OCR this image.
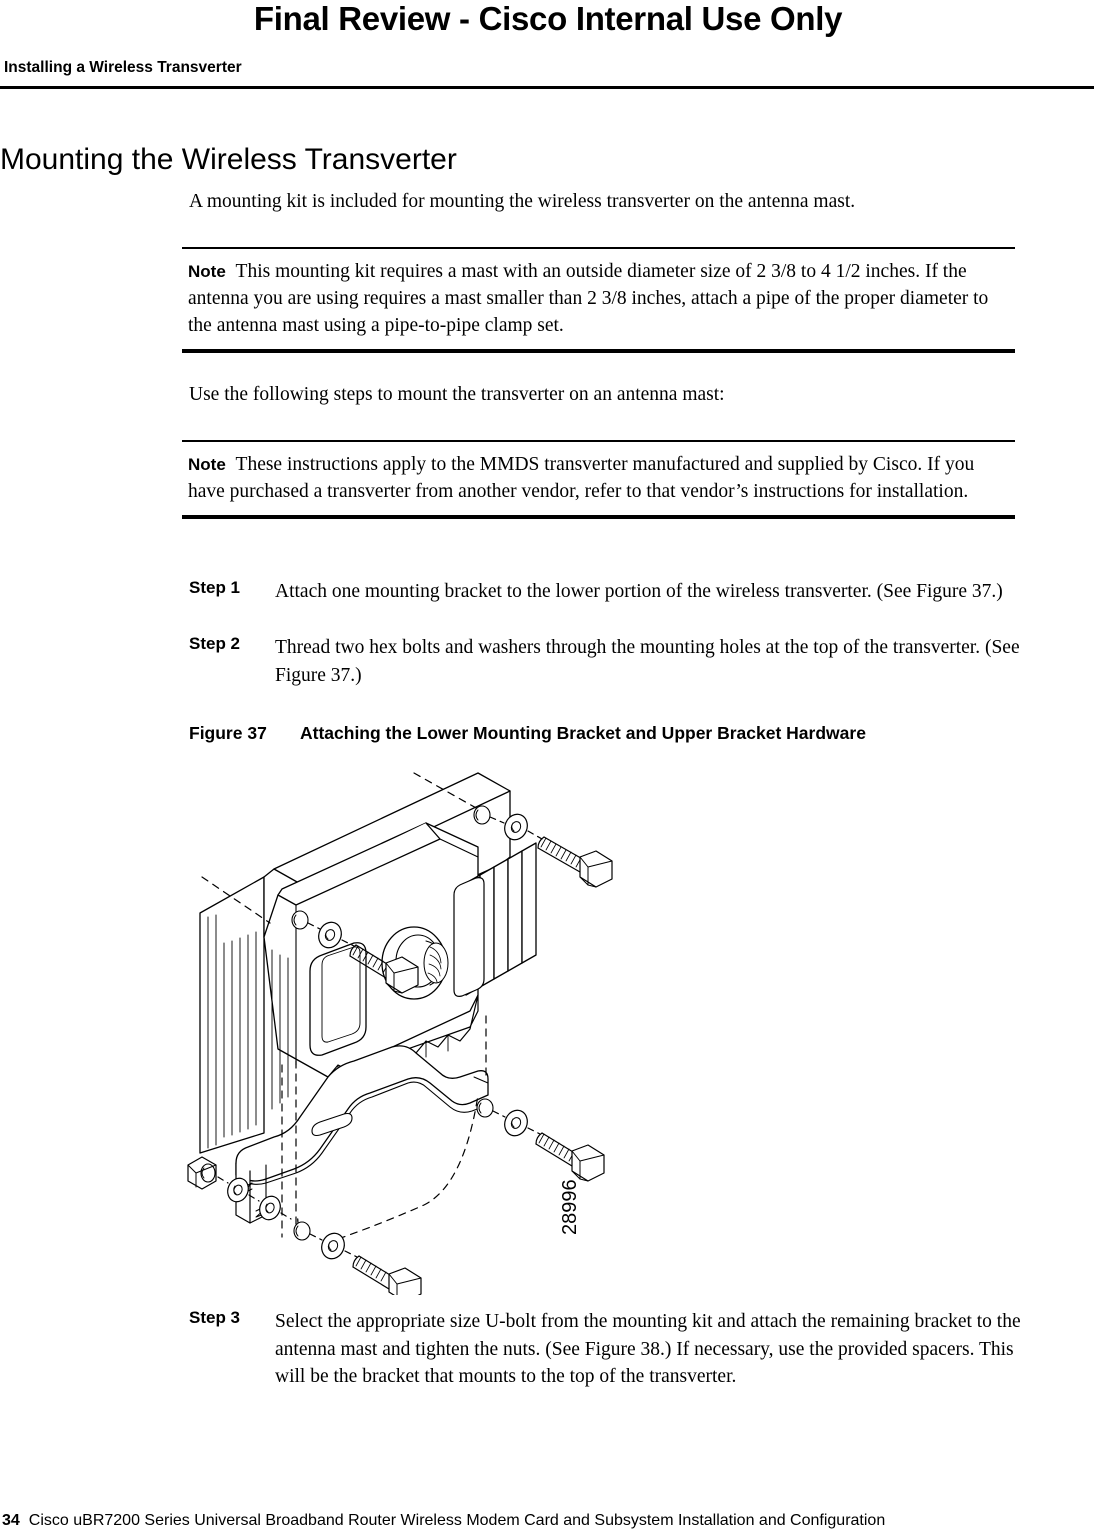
Final Review - Cisco Internal Use Only
Installing a Wireless Transverter
Mounting the Wireless Transverter
A mounting kit is included for mounting the wireless transverter on the antenna mast.
Note This mounting kit requires a mast with an outside diameter size of 2 3/8 to 4 1/2 inches. If the antenna you are using requires a mast smaller than 2 3/8 inches, attach a pipe of the proper diameter to the antenna mast using a pipe-to-pipe clamp set.
Use the following steps to mount the transverter on an antenna mast:
Note These instructions apply to the MMDS transverter manufactured and supplied by Cisco. If you have purchased a transverter from another vendor, refer to that vendor’s instructions for installation.
Step 1 Attach one mounting bracket to the lower portion of the wireless transverter. (See Figure 37.)
Step 2 Thread two hex bolts and washers through the mounting holes at the top of the transverter. (See Figure 37.)
Figure 37 Attaching the Lower Mounting Bracket and Upper Bracket Hardware
28996
Step 3 Select the appropriate size U-bolt from the mounting kit and attach the remaining bracket to the antenna mast and tighten the nuts. (See Figure 38.) If necessary, use the provided spacers. This will be the bracket that mounts to the top of the transverter.
34 Cisco uBR7200 Series Universal Broadband Router Wireless Modem Card and Subsystem Installation and Configuration
